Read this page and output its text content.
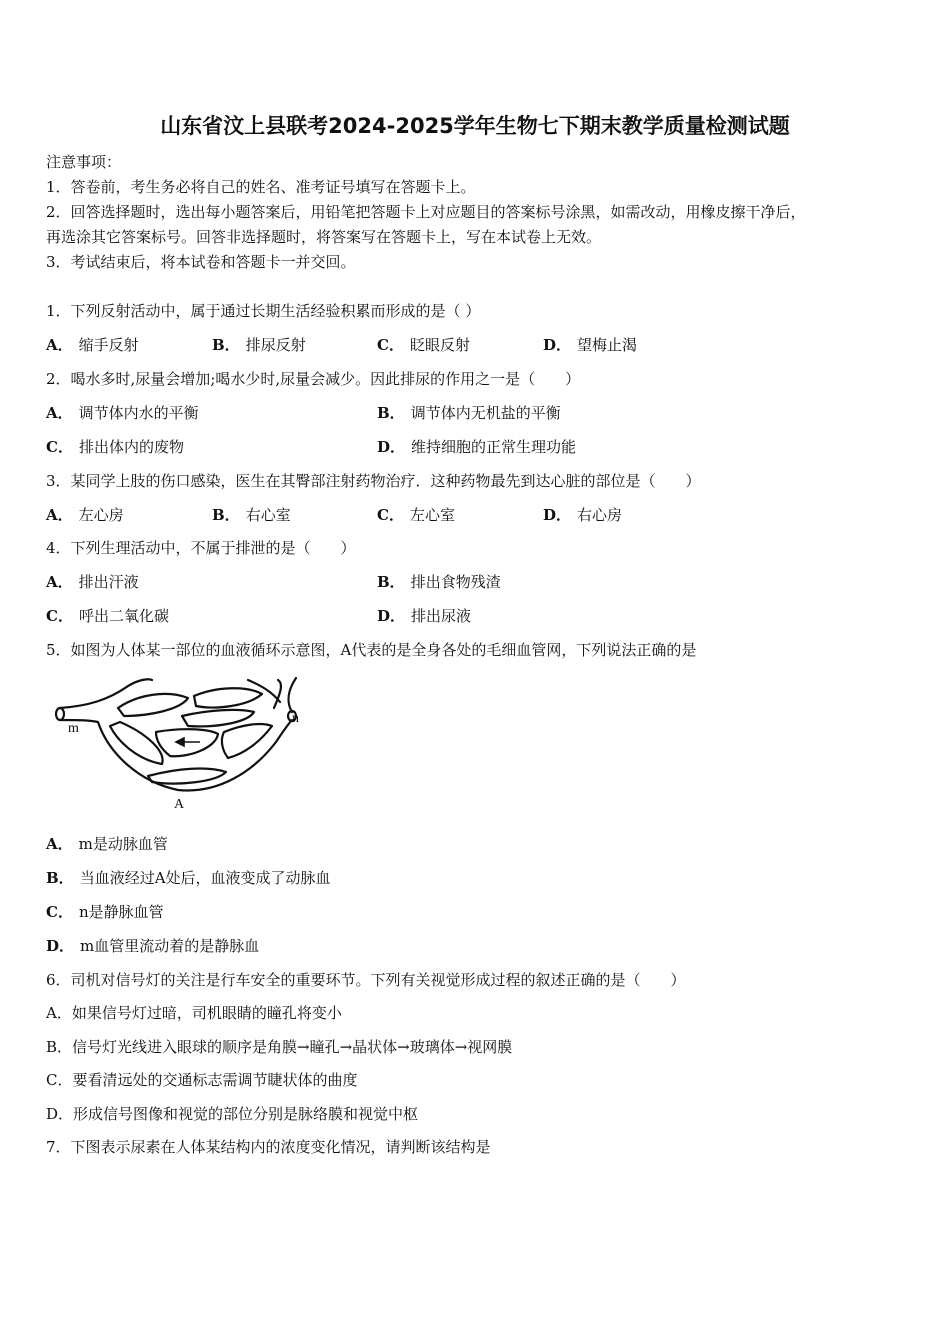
山东省汶上县联考2024-2025学年生物七下期末教学质量检测试题
注意事项：
1．答卷前，考生务必将自己的姓名、准考证号填写在答题卡上。
2．回答选择题时，选出每小题答案后，用铅笔把答题卡上对应题目的答案标号涂黑，如需改动，用橡皮擦干净后，
再选涂其它答案标号。回答非选择题时，将答案写在答题卡上，写在本试卷上无效。
3．考试结束后，将本试卷和答题卡一并交回。
1．下列反射活动中，属于通过长期生活经验积累而形成的是（ ）
A． 缩手反射	B． 排尿反射	C． 眨眼反射	D． 望梅止渴
2．喝水多时,尿量会增加;喝水少时,尿量会减少。因此排尿的作用之一是（　　）
A． 调节体内水的平衡	B． 调节体内无机盐的平衡
C． 排出体内的废物	D． 维持细胞的正常生理功能
3．某同学上肢的伤口感染，医生在其臀部注射药物治疗．这种药物最先到达心脏的部位是（　　）
A． 左心房	B． 右心室	C． 左心室	D． 右心房
4．下列生理活动中，不属于排泄的是（　　）
A． 排出汗液	B． 排出食物残渣
C． 呼出二氧化碳	D． 排出尿液
5．如图为人体某一部位的血液循环示意图，A代表的是全身各处的毛细血管网，下列说法正确的是
m
n
A
A． m是动脉血管
B． 当血液经过A处后，血液变成了动脉血
C． n是静脉血管
D． m血管里流动着的是静脉血
6．司机对信号灯的关注是行车安全的重要环节。下列有关视觉形成过程的叙述正确的是（　　）
A．如果信号灯过暗，司机眼睛的瞳孔将变小
B．信号灯光线进入眼球的顺序是角膜→瞳孔→晶状体→玻璃体→视网膜
C．要看清远处的交通标志需调节睫状体的曲度
D．形成信号图像和视觉的部位分别是脉络膜和视觉中枢
7．下图表示尿素在人体某结构内的浓度变化情况，请判断该结构是
